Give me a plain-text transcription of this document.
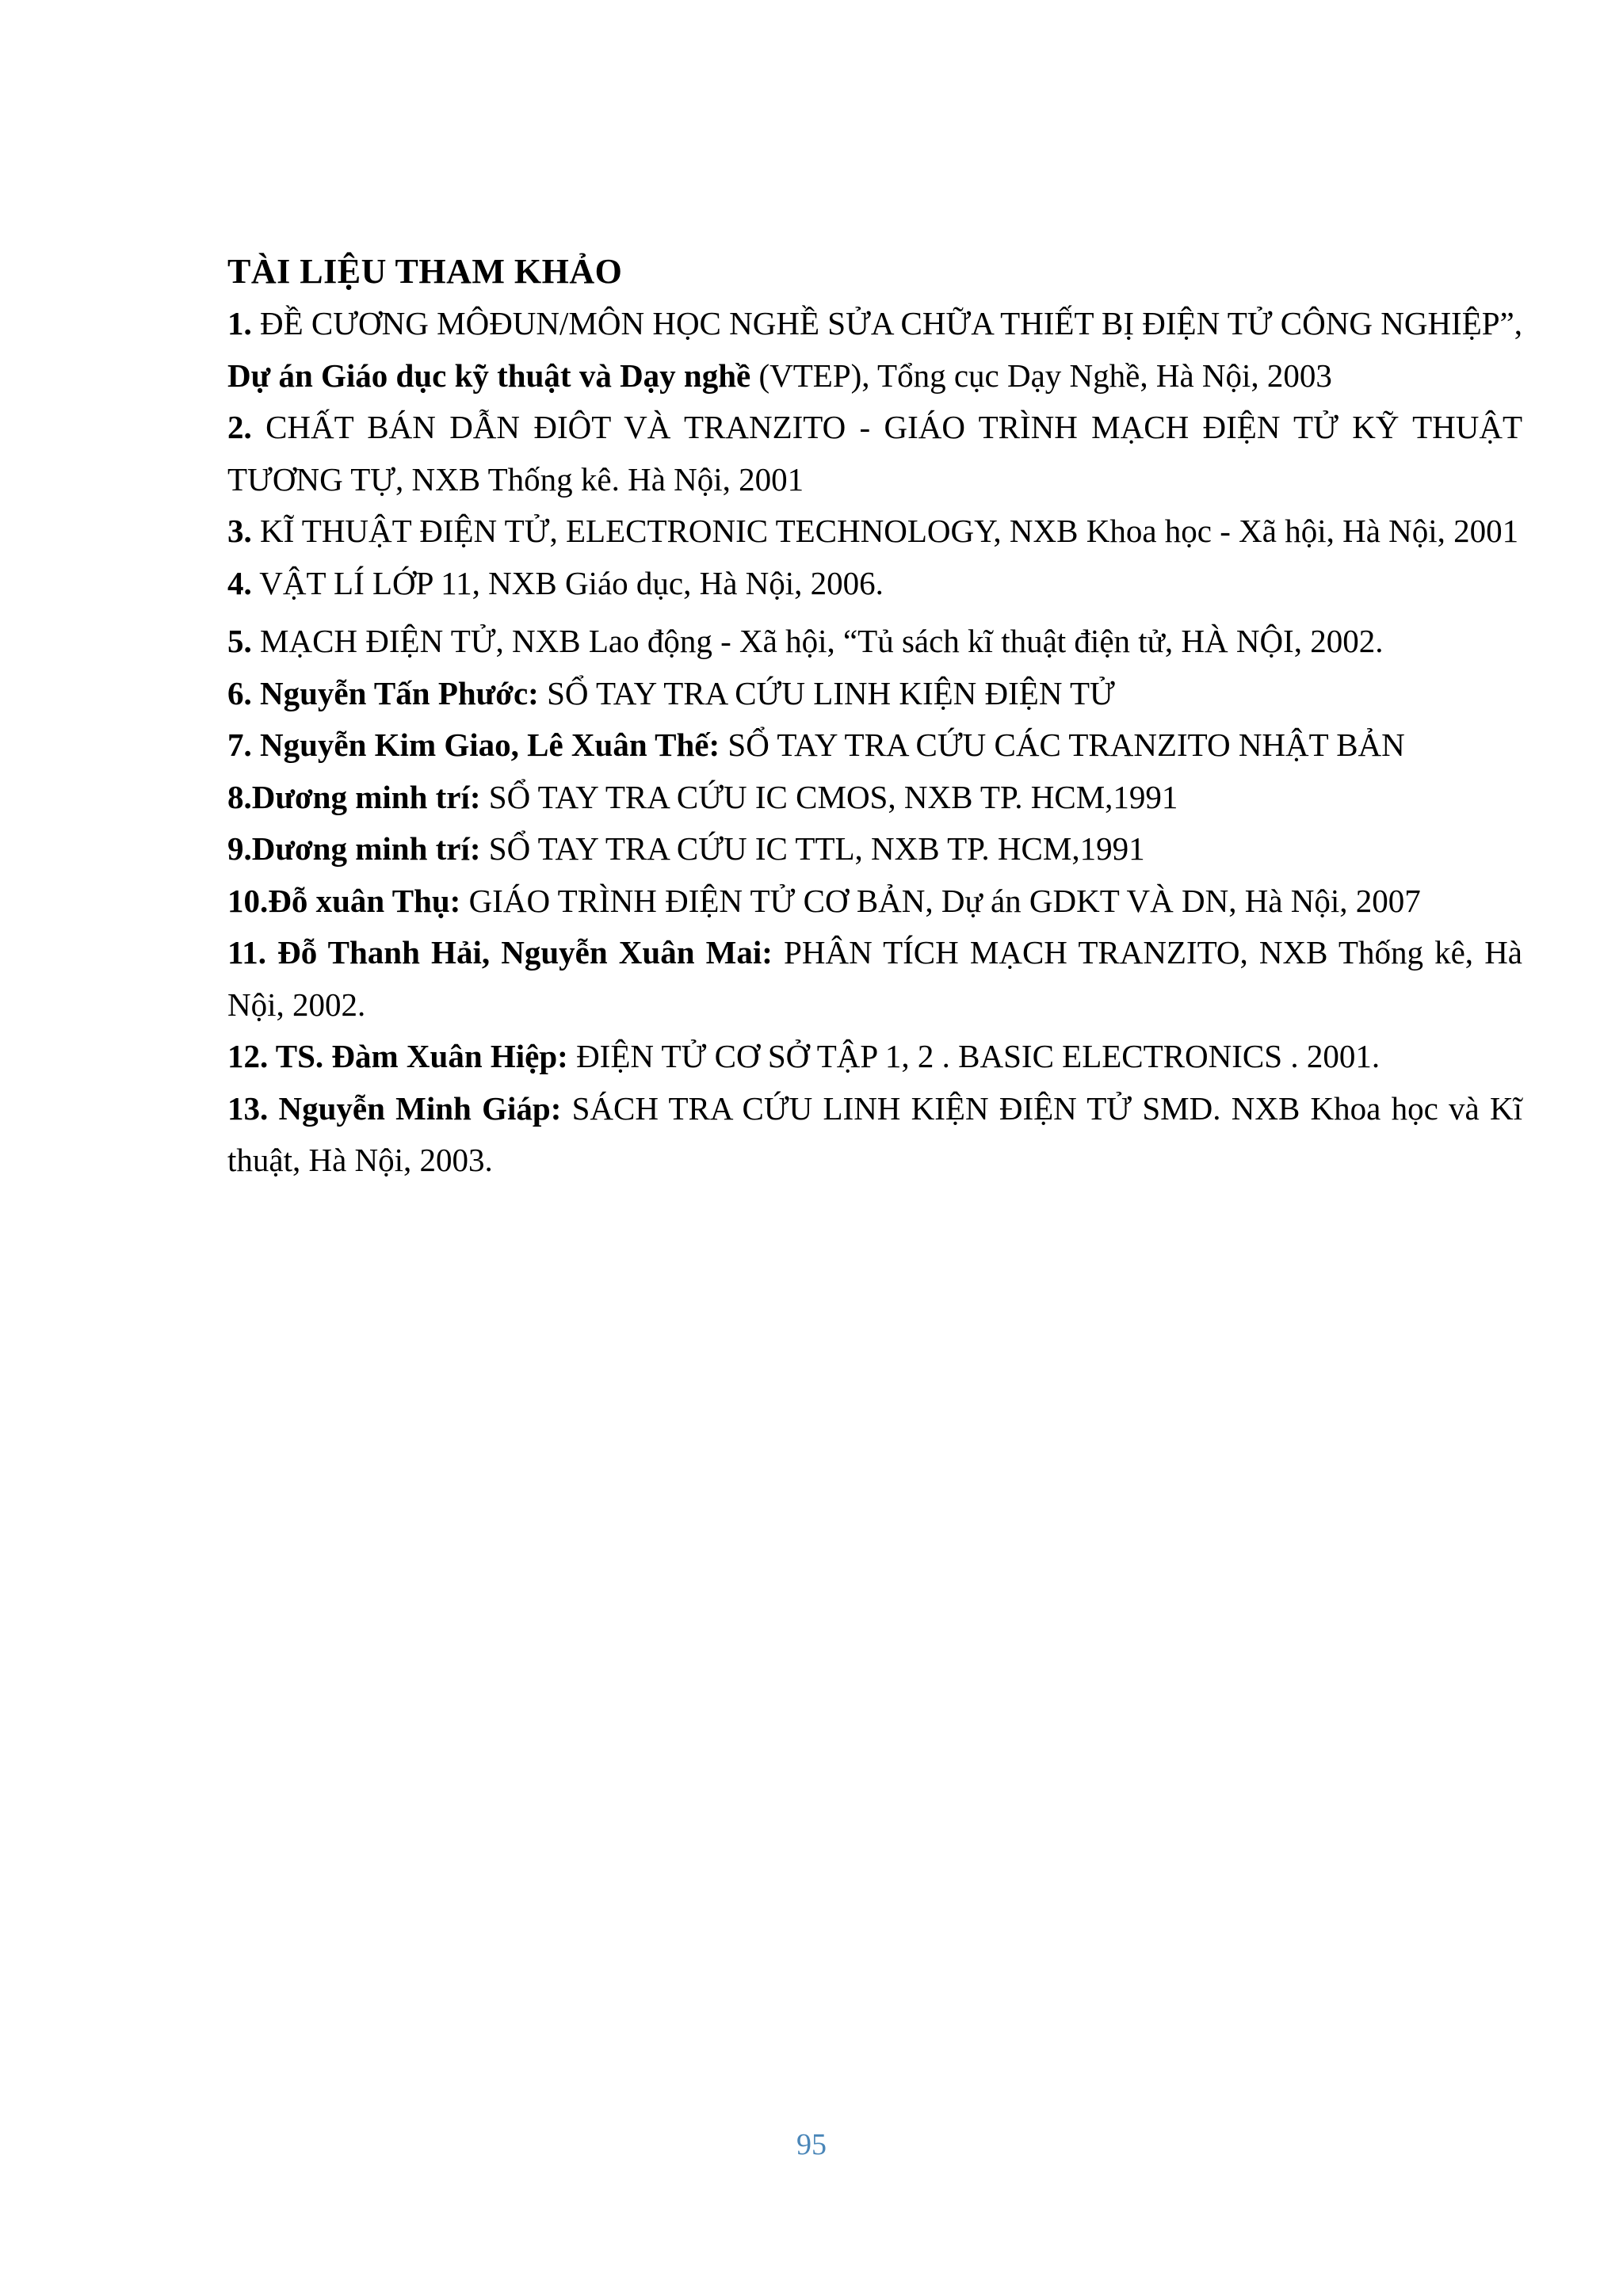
TÀI LIỆU THAM KHẢO
1. ĐỀ CƯƠNG MÔĐUN/MÔN HỌC NGHỀ SỬA CHỮA THIẾT BỊ ĐIỆN TỬ CÔNG NGHIỆP”, Dự án Giáo dục kỹ thuật và Dạy nghề (VTEP), Tổng cục Dạy Nghề, Hà Nội, 2003
2. CHẤT BÁN DẪN ĐIÔT VÀ TRANZITO - GIÁO TRÌNH MẠCH ĐIỆN TỬ KỸ THUẬT TƯƠNG TỰ, NXB Thống kê. Hà Nội, 2001
3. KĨ THUẬT ĐIỆN TỬ, ELECTRONIC TECHNOLOGY, NXB Khoa học - Xã hội, Hà Nội, 2001
4. VẬT LÍ LỚP 11, NXB Giáo dục, Hà Nội, 2006.
5. MẠCH ĐIỆN TỬ, NXB Lao động - Xã hội, “Tủ sách kĩ thuật điện tử, HÀ NỘI, 2002.
6. Nguyễn Tấn Phước: SỔ TAY TRA CỨU LINH KIỆN ĐIỆN TỬ
7. Nguyễn Kim Giao, Lê Xuân Thế: SỔ TAY TRA CỨU CÁC TRANZITO NHẬT BẢN
8.Dương minh trí: SỔ TAY TRA CỨU IC CMOS, NXB TP. HCM,1991
9.Dương minh trí: SỔ TAY TRA CỨU IC TTL, NXB TP. HCM,1991
10.Đỗ xuân Thụ: GIÁO TRÌNH ĐIỆN TỬ CƠ BẢN, Dự án GDKT VÀ DN, Hà Nội, 2007
11. Đỗ Thanh Hải, Nguyễn Xuân Mai: PHÂN TÍCH MẠCH TRANZITO, NXB Thống kê, Hà Nội, 2002.
12. TS. Đàm Xuân Hiệp: ĐIỆN TỬ CƠ SỞ TẬP 1, 2 . BASIC ELECTRONICS . 2001.
13. Nguyễn Minh Giáp: SÁCH TRA CỨU LINH KIỆN ĐIỆN TỬ SMD. NXB Khoa học và Kĩ thuật, Hà Nội, 2003.
95
